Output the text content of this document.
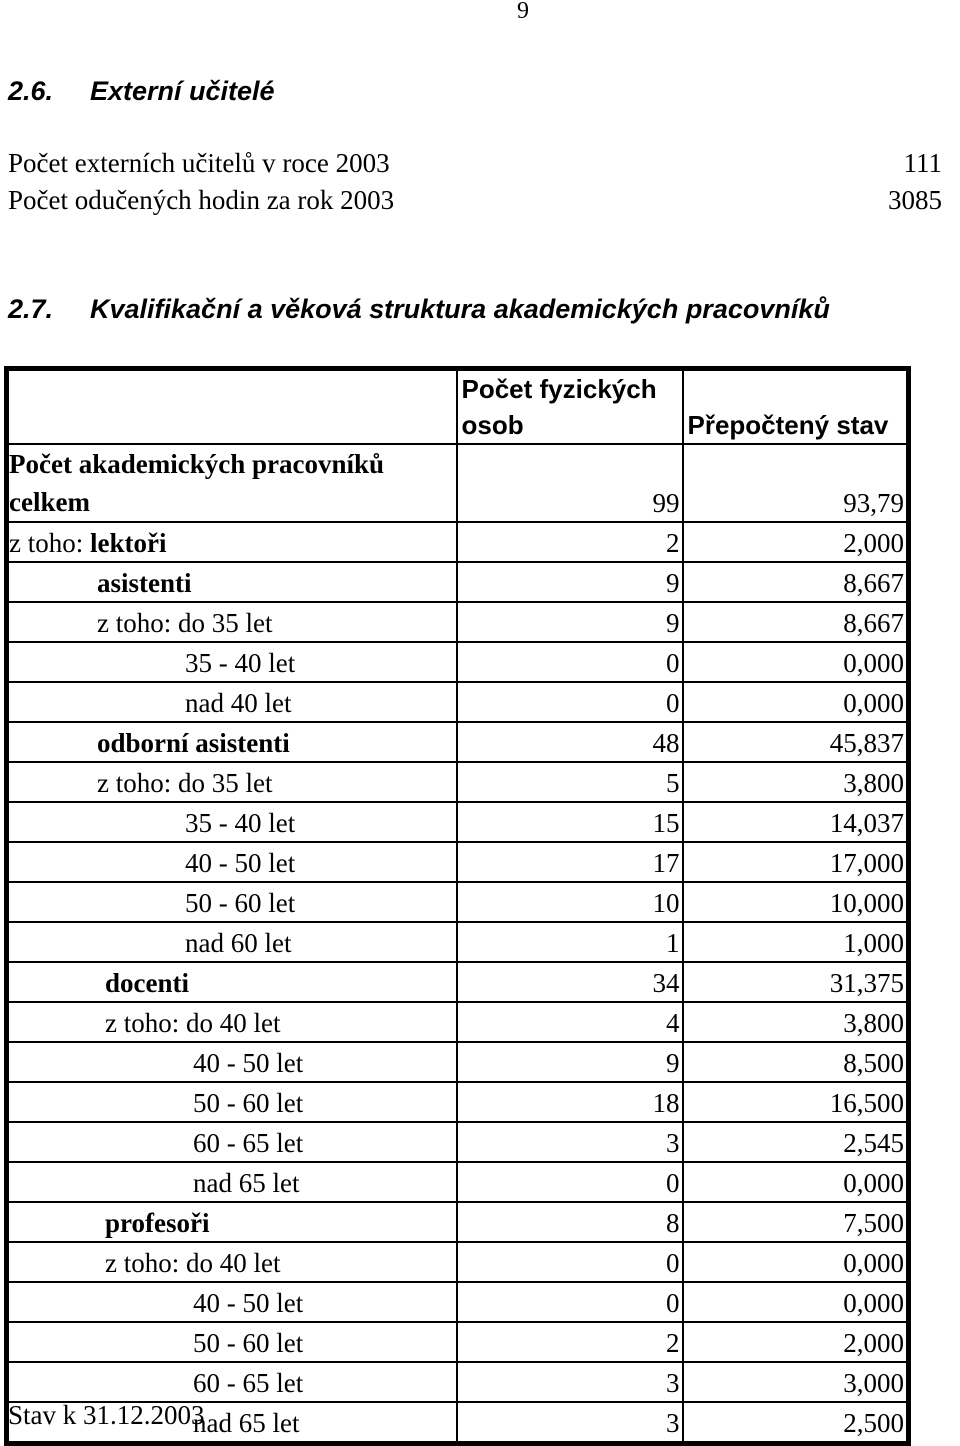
9
2.6. Externí učitelé
Počet externích učitelů v roce 2003	111
Počet odučených hodin za rok 2003	3085
2.7. Kvalifikační a věková struktura akademických pracovníků
	Počet fyzických osob	Přepočtený stav

Počet akademických pracovníků
celkem	99	93,79
z toho: lektoři	2	2,000
asistenti	9	8,667
z toho: do 35 let	9	8,667
35 - 40 let	0	0,000
nad 40 let	0	0,000
odborní asistenti	48	45,837
z toho: do 35 let	5	3,800
35 - 40 let	15	14,037
40 - 50 let	17	17,000
50 - 60 let	10	10,000
nad 60 let	1	1,000
docenti	34	31,375
z toho: do 40 let	4	3,800
40 - 50 let	9	8,500
50 - 60 let	18	16,500
60 - 65 let	3	2,545
nad 65 let	0	0,000
profesoři	8	7,500
z toho: do 40 let	0	0,000
40 - 50 let	0	0,000
50 - 60 let	2	2,000
60 - 65 let	3	3,000
nad 65 let	3	2,500
Stav k 31.12.2003
